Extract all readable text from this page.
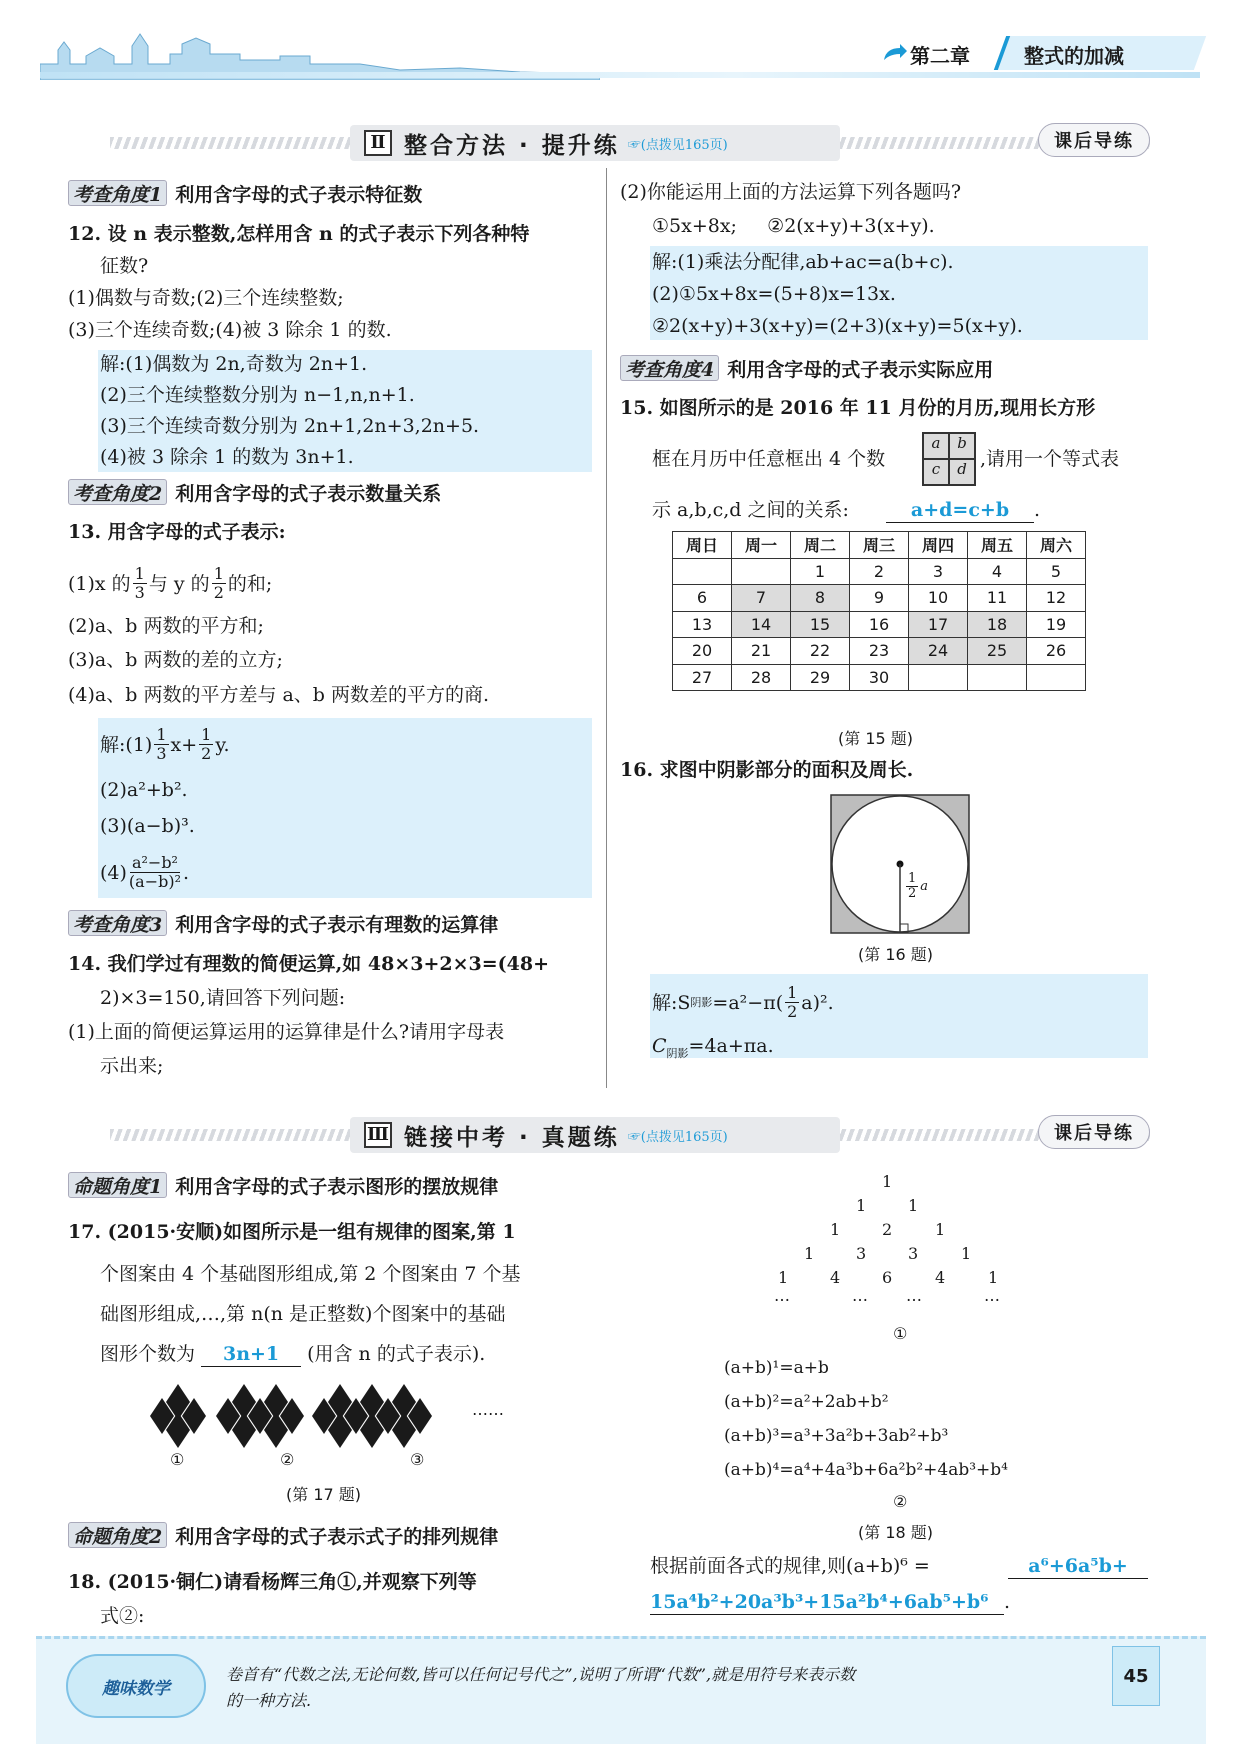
第二章	整式的加减
Ⅱ 整合方法 · 提升练 ☞(点拨见165页)	课后导练
考查角度1 利用含字母的式子表示特征数
12. 设 n 表示整数,怎样用含 n 的式子表示下列各种特
征数?
(1)偶数与奇数;(2)三个连续整数;
(3)三个连续奇数;(4)被 3 除余 1 的数.
解:(1)偶数为 2n,奇数为 2n+1.
(2)三个连续整数分别为 n−1,n,n+1.
(3)三个连续奇数分别为 2n+1,2n+3,2n+5.
(4)被 3 除余 1 的数为 3n+1.
考查角度2 利用含字母的式子表示数量关系
13. 用含字母的式子表示:
(1)x 的 $\frac{1}{3}$ 与 y 的 $\frac{1}{2}$ 的和;
(2)a、b 两数的平方和;
(3)a、b 两数的差的立方;
(4)a、b 两数的平方差与 a、b 两数差的平方的商.
解:(1) $\frac{1}{3} x+ \frac{1}{2} y$.
(2)a²+b².
(3)(a−b)³.
$(4) \frac{\text{a²−b²}}{\text{(a−b)²}}$ .
考查角度3 利用含字母的式子表示有理数的运算律
14. 我们学过有理数的简便运算,如 48×3+2×3=(48+
2)×3=150,请回答下列问题:
(1)上面的简便运算运用的运算律是什么?请用字母表
示出来;
(2)你能运用上面的方法运算下列各题吗?
①5x+8x;     ②2(x+y)+3(x+y).
解:(1)乘法分配律,ab+ac=a(b+c).
(2)①5x+8x=(5+8)x=13x.
②2(x+y)+3(x+y)=(2+3)(x+y)=5(x+y).
考查角度4 利用含字母的式子表示实际应用
15. 如图所示的是 2016 年 11 月份的月历,现用长方形
框在月历中任意框出 4 个数
a	b
c	d ,请用一个等式表
示 a,b,c,d 之间的关系:	a+d=c+b .
周日	周一	周二	周三	周四	周五	周六
		1	2	3	4	5
6	7	8	9	10	11	12
13	14	15	16	17	18	19
20	21	22	23	24	25	26
27	28	29	30			
(第 15 题)
16. 求图中阴影部分的面积及周长.
$\frac{1}{2}$ a
(第 16 题)
解:S 阴影 $=a^2-\pi( \frac{1}{2} a)^2$.
$C_{阴影}=4a+\pi a$.
Ⅲ 链接中考 · 真题练 ☞(点拨见165页)	课后导练
命题角度1 利用含字母的式子表示图形的摆放规律
17. (2015·安顺)如图所示是一组有规律的图案,第 1
个图案由 4 个基础图形组成,第 2 个图案由 7 个基
础图形组成,…,第 n(n 是正整数)个图案中的基础
图形个数为 3n+1 (用含 n 的式子表示).
①	②	③
……
(第 17 题)
命题角度2 利用含字母的式子表示式子的排列规律
18. (2015·铜仁)请看杨辉三角①,并观察下列等
式②:
1
1	1
1	2	1
1	3	3	1
1	4	6	4	1
…	… …	…
①
(a+b)¹=a+b
(a+b)²=a²+2ab+b²
(a+b)³=a³+3a²b+3ab²+b³
(a+b)⁴=a⁴+4a³b+6a²b²+4ab³+b⁴
②
(第 18 题)
根据前面各式的规律,则(a+b)⁶ =	a⁶+6a⁵b+
15a⁴b²+20a³b³+15a²b⁴+6ab⁵+b⁶ .
趣味数学
卷首有“代数之法,无论何数,皆可以任何记号代之”,说明了所谓“代数”,就是用符号来表示数
的一种方法.
45
